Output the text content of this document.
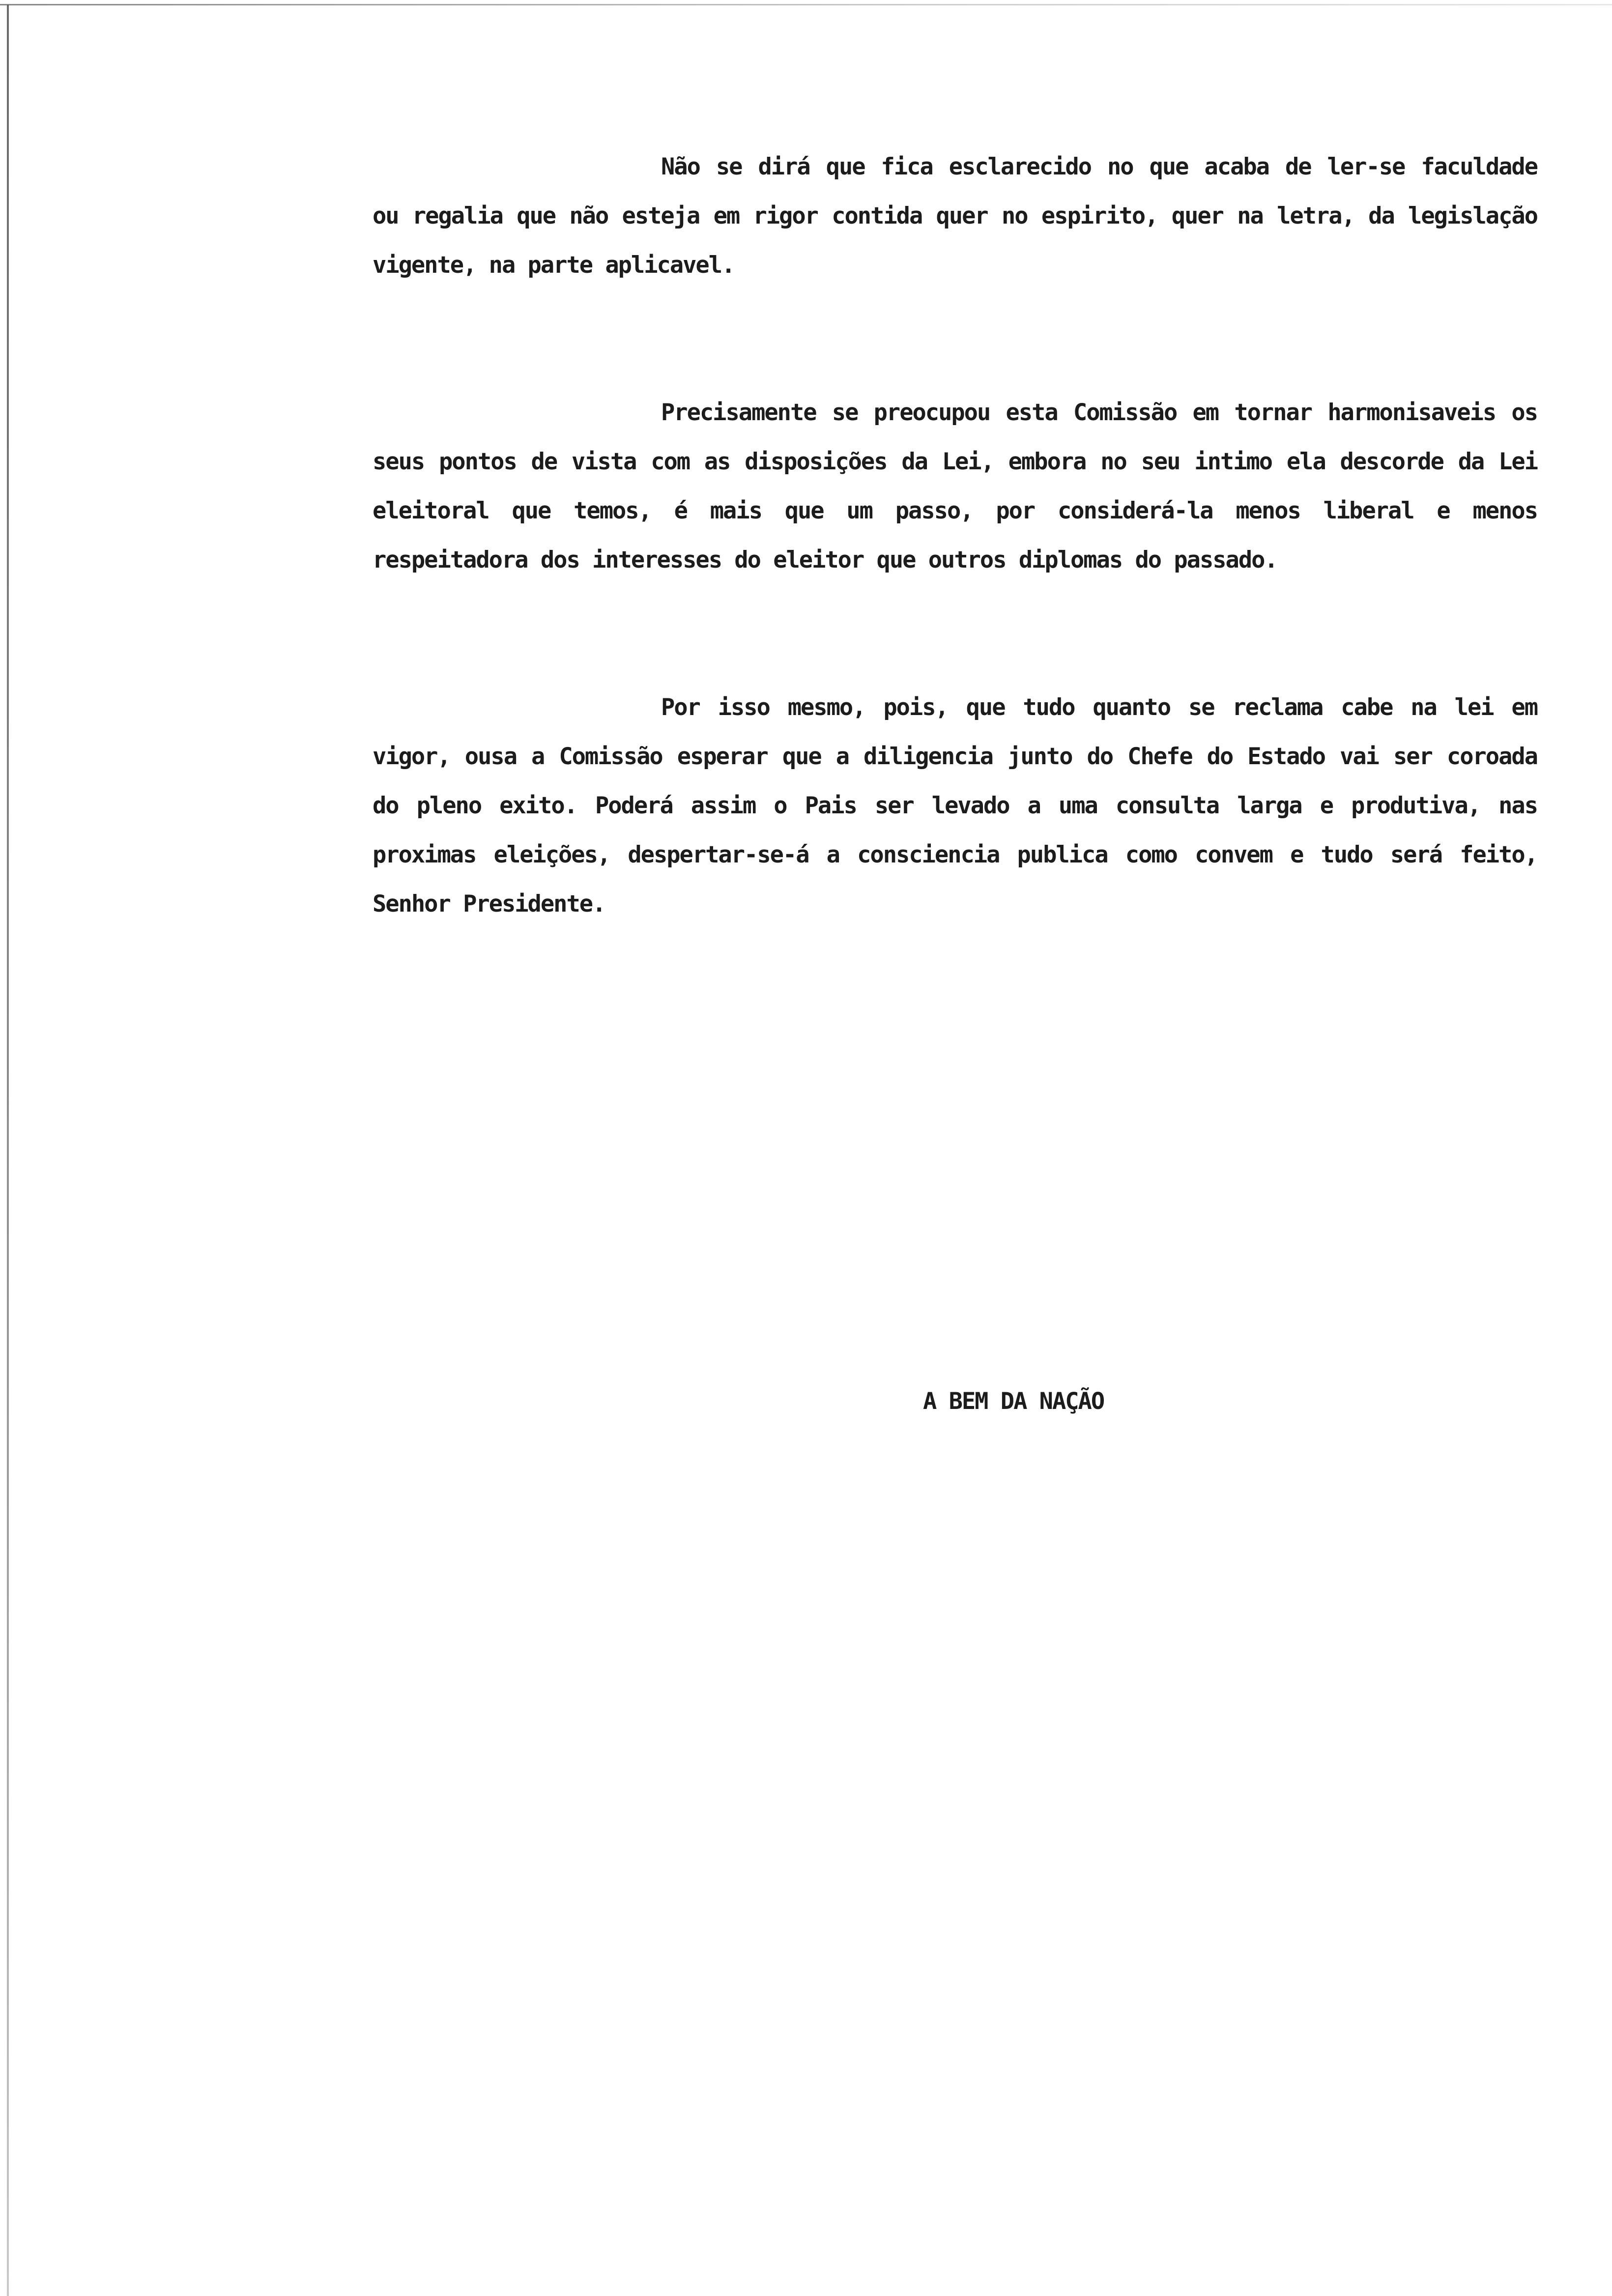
Não se dirá que fica esclarecido no que acaba de ler-se faculdade ou regalia que não esteja em rigor contida quer no espirito, quer na letra, da legislação vigente, na parte aplicavel.

Precisamente se preocupou esta Comissão em tornar harmonisaveis os seus pontos de vista com as disposições da Lei, embora no seu intimo ela descorde da Lei eleitoral que temos, é mais que um passo, por considerá-la menos liberal e menos respeitadora dos interesses do eleitor que outros diplomas do passado.

Por isso mesmo, pois, que tudo quanto se reclama cabe na lei em vigor, ousa a Comissão esperar que a diligencia junto do Chefe do Estado vai ser coroada do pleno exito. Poderá assim o Pais ser levado a uma consulta larga e produtiva, nas proximas eleições, despertar-se-á a consciencia publica como convem e tudo será feito, Senhor Presidente.

A BEM DA NAÇÃO
